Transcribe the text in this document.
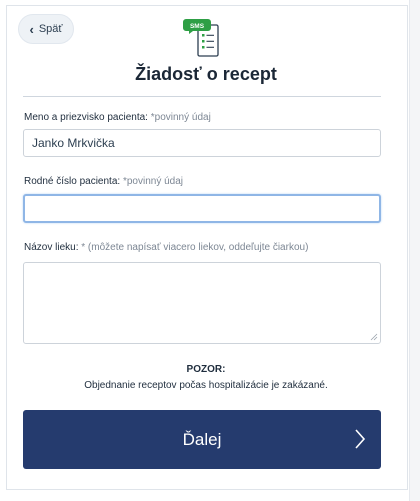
‹ Späť	SMS
Žiadosť o recept
Meno a priezvisko pacienta: *povinný údaj
Janko Mrkvička
Rodné číslo pacienta: *povinný údaj
Názov lieku: * (môžete napísať viacero liekov, oddeľujte čiarkou)
POZOR:
Objednanie receptov počas hospitalizácie je zakázané.
Ďalej
